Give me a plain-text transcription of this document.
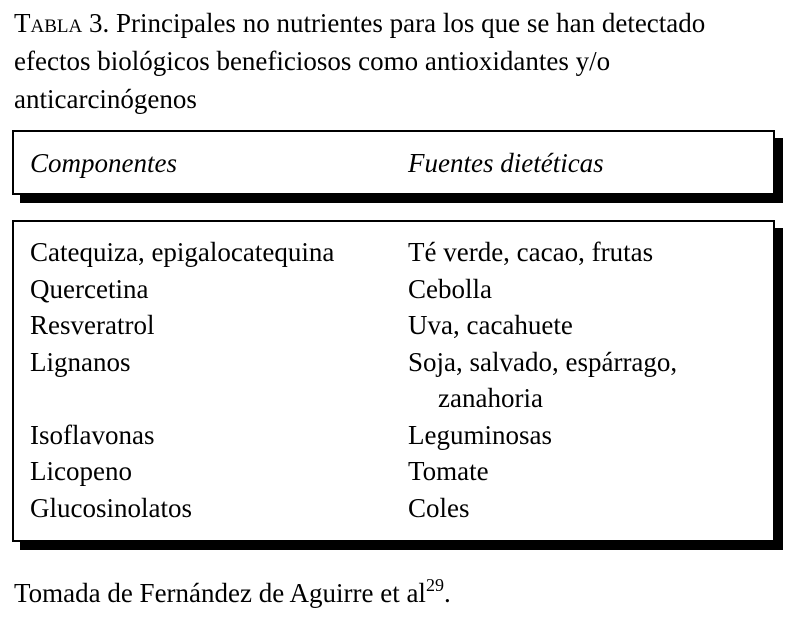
Tabla 3. Principales no nutrientes para los que se han detectado efectos biológicos beneficiosos como antioxidantes y/o anticarcinógenos
Componentes	Fuentes dietéticas
Catequiza, epigalocatequina	Té verde, cacao, frutas
Quercetina	Cebolla
Resveratrol	Uva, cacahuete
Lignanos	Soja, salvado, espárrago, zanahoria
Isoflavonas	Leguminosas
Licopeno	Tomate
Glucosinolatos	Coles
Tomada de Fernández de Aguirre et $al^{29}$.
